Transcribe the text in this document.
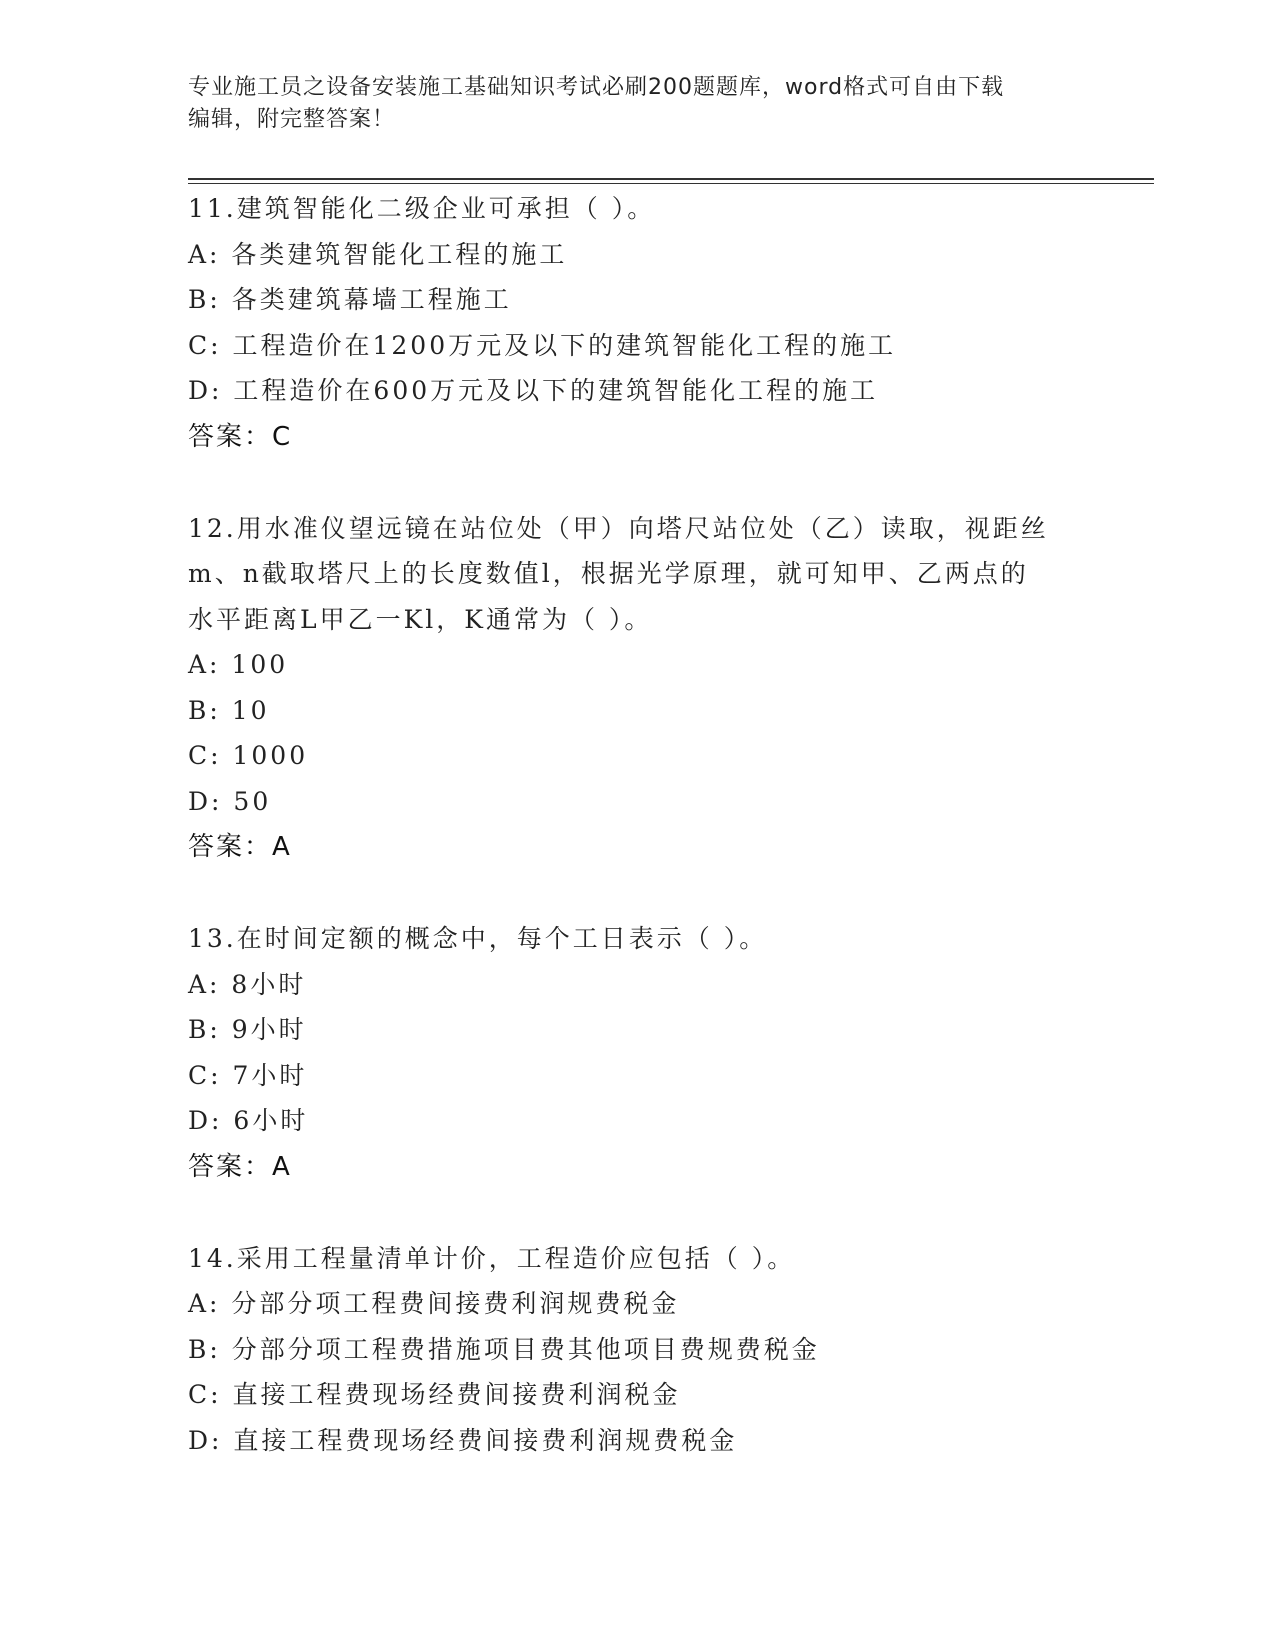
专业施工员之设备安装施工基础知识考试必刷200题题库，word格式可自由下载
编辑，附完整答案！
11.建筑智能化二级企业可承担（ ）。
A: 各类建筑智能化工程的施工
B: 各类建筑幕墙工程施工
C: 工程造价在1200万元及以下的建筑智能化工程的施工
D: 工程造价在600万元及以下的建筑智能化工程的施工
答案：C
12.用水准仪望远镜在站位处（甲）向塔尺站位处（乙）读取，视距丝
m、n截取塔尺上的长度数值l，根据光学原理，就可知甲、乙两点的
水平距离L甲乙一Kl，K通常为（ ）。
A: 100
B: 10
C: 1000
D: 50
答案：A
13.在时间定额的概念中，每个工日表示（ ）。
A: 8小时
B: 9小时
C: 7小时
D: 6小时
答案：A
14.采用工程量清单计价，工程造价应包括（ ）。
A: 分部分项工程费间接费利润规费税金
B: 分部分项工程费措施项目费其他项目费规费税金
C: 直接工程费现场经费间接费利润税金
D: 直接工程费现场经费间接费利润规费税金
